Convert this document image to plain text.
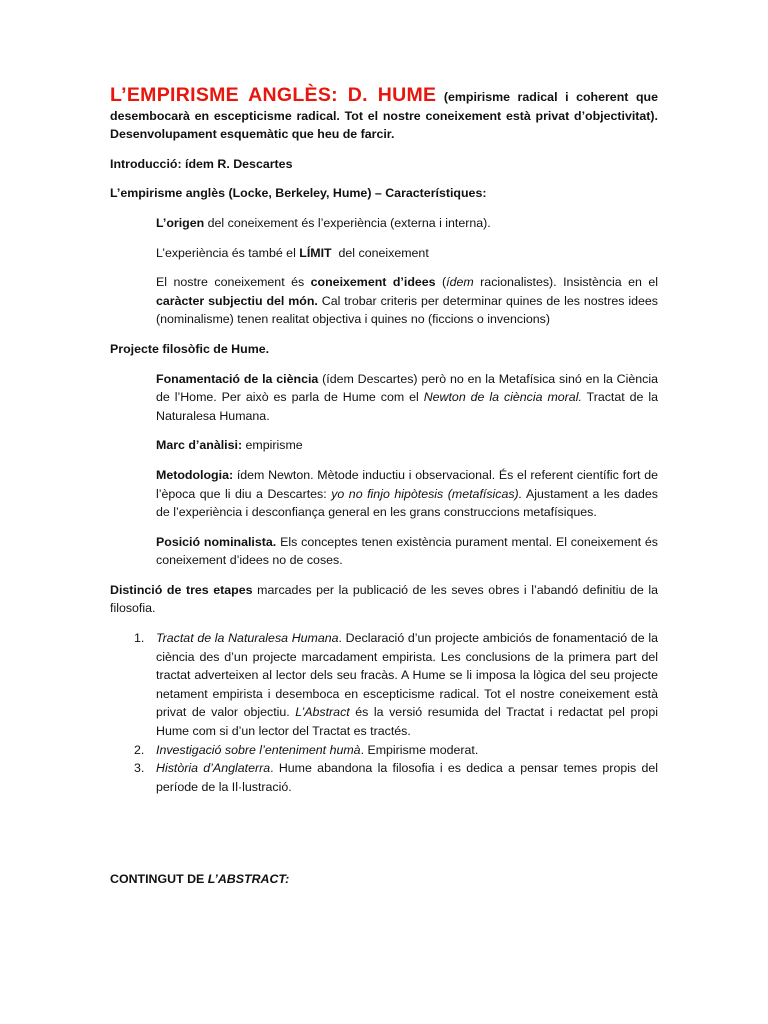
L’EMPIRISME ANGLÈS: D. HUME (empirisme radical i coherent que desembocarà en escepticisme radical. Tot el nostre coneixement està privat d’objectivitat). Desenvolupament esquemàtic que heu de farcir.

Introducció: ídem R. Descartes

L’empirisme anglès (Locke, Berkeley, Hume) – Característiques:

L’origen del coneixement és l’experiència (externa i interna).

L’experiència és també el LÍMIT  del coneixement

El nostre coneixement és coneixement d’idees (ídem racionalistes). Insistència en el caràcter subjectiu del món. Cal trobar criteris per determinar quines de les nostres idees (nominalisme) tenen realitat objectiva i quines no (ficcions o invencions)

Projecte filosòfic de Hume.

Fonamentació de la ciència (ídem Descartes) però no en la Metafísica sinó en la Ciència de l’Home. Per això es parla de Hume com el Newton de la ciència moral. Tractat de la Naturalesa Humana.

Marc d’anàlisi: empirisme

Metodologia: ídem Newton. Mètode inductiu i observacional. És el referent científic fort de l’època que li diu a Descartes: yo no finjo hipòtesis (metafísicas). Ajustament a les dades de l’experiència i desconfiança general en les grans construccions metafísiques.

Posició nominalista. Els conceptes tenen existència purament mental. El coneixement és coneixement d’idees no de coses.

Distinció de tres etapes marcades per la publicació de les seves obres i l’abandó definitiu de la filosofia.

1. Tractat de la Naturalesa Humana. Declaració d’un projecte ambiciós de fonamentació de la ciència des d’un projecte marcadament empirista. Les conclusions de la primera part del tractat adverteixen al lector dels seu fracàs. A Hume se li imposa la lògica del seu projecte netament empirista i desemboca en escepticisme radical. Tot el nostre coneixement està privat de valor objectiu. L’Abstract és la versió resumida del Tractat i redactat pel propi Hume com si d’un lector del Tractat es tractés.
2. Investigació sobre l’enteniment humà. Empirisme moderat.
3. Història d’Anglaterra. Hume abandona la filosofia i es dedica a pensar temes propis del període de la Il·lustració.

CONTINGUT DE L’ABSTRACT:
